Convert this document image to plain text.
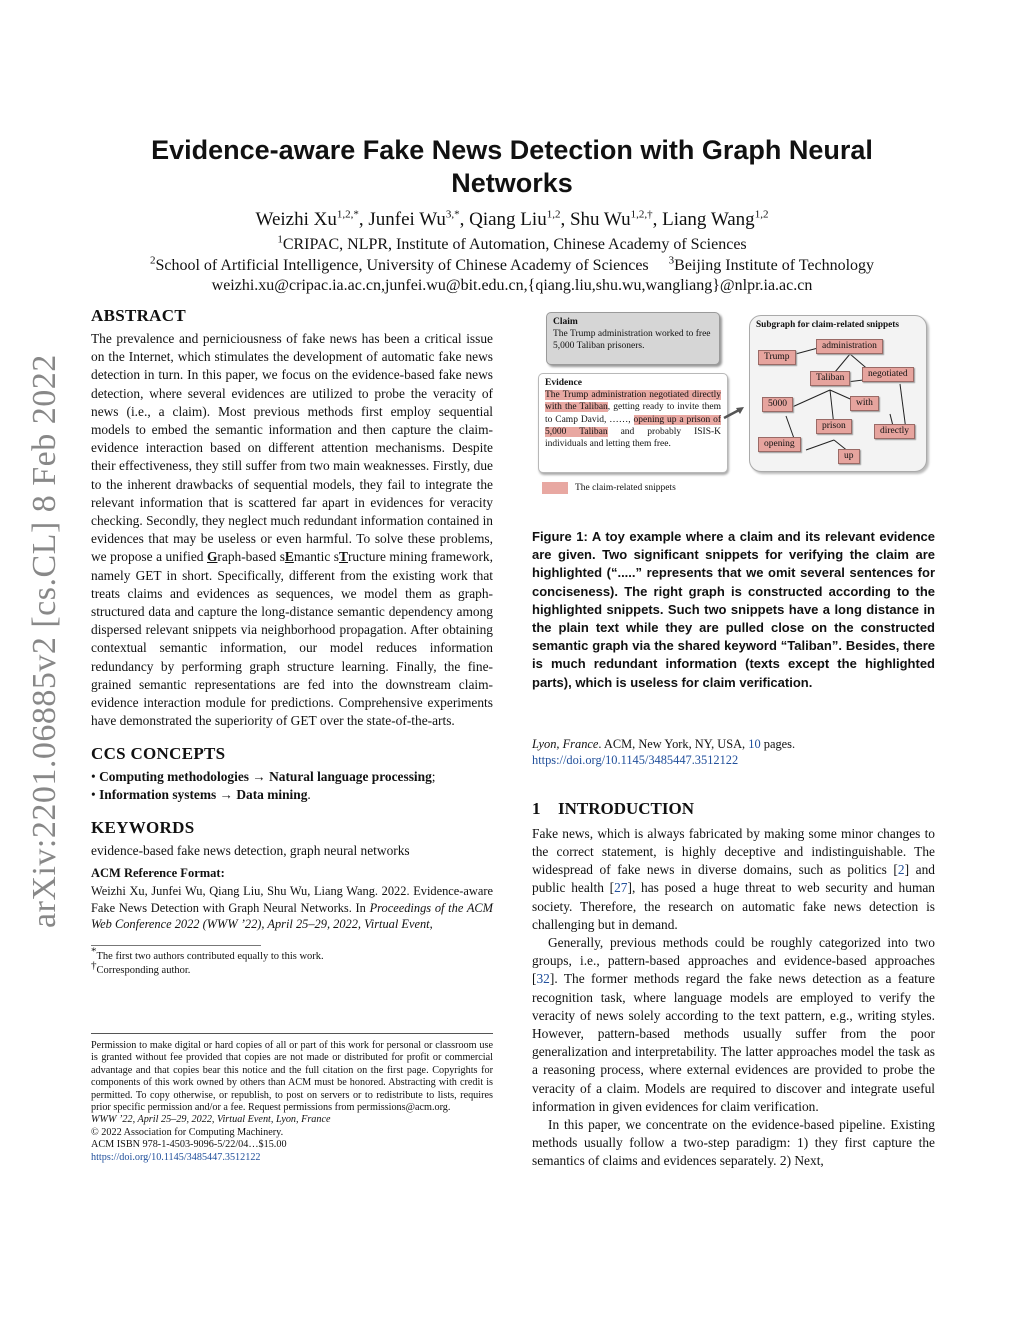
arXiv:2201.06885v2 [cs.CL] 8 Feb 2022
Evidence-aware Fake News Detection with Graph Neural Networks
Weizhi $Xu^{1,2,*}$, Junfei $Wu^{3,*}$, Qiang Liu$^{1,2}$, Shu $Wu^{1,2,\dagger}$, Liang Wang$^{1,2}$
$^1$CRIPAC, NLPR, Institute of Automation, Chinese Academy of Sciences
$^2$School of Artificial Intelligence, University of Chinese Academy of Sciences $^3$Beijing Institute of Technology
weizhi.xu@cripac.ia.ac.cn,junfei.wu@bit.edu.cn,{qiang.liu,shu.wu,wangliang}@nlpr.ia.ac.cn
ABSTRACT

The prevalence and perniciousness of fake news has been a critical issue on the Internet, which stimulates the development of automatic fake news detection in turn. In this paper, we focus on the evidence-based fake news detection, where several evidences are utilized to probe the veracity of news (i.e., a claim). Most previous methods first employ sequential models to embed the semantic information and then capture the claim-evidence interaction based on different attention mechanisms. Despite their effectiveness, they still suffer from two main weaknesses. Firstly, due to the inherent drawbacks of sequential models, they fail to integrate the relevant information that is scattered far apart in evidences for veracity checking. Secondly, they neglect much redundant information contained in evidences that may be useless or even harmful. To solve these problems, we propose a unified Graph-based sEmantic sTructure mining framework, namely GET in short. Specifically, different from the existing work that treats claims and evidences as sequences, we model them as graph-structured data and capture the long-distance semantic dependency among dispersed relevant snippets via neighborhood propagation. After obtaining contextual semantic information, our model reduces information redundancy by performing graph structure learning. Finally, the fine-grained semantic representations are fed into the downstream claim-evidence interaction module for predictions. Comprehensive experiments have demonstrated the superiority of GET over the state-of-the-arts.

CCS CONCEPTS

• Computing methodologies → Natural language processing;

• Information systems → Data mining.

KEYWORDS

evidence-based fake news detection, graph neural networks

ACM Reference Format:

Weizhi Xu, Junfei Wu, Qiang Liu, Shu Wu, Liang Wang. 2022. Evidence-aware Fake News Detection with Graph Neural Networks. In Proceedings of the ACM Web Conference 2022 (WWW ’22), April 25–29, 2022, Virtual Event,

*The first two authors contributed equally to this work.

†Corresponding author.

Permission to make digital or hard copies of all or part of this work for personal or classroom use is granted without fee provided that copies are not made or distributed for profit or commercial advantage and that copies bear this notice and the full citation on the first page. Copyrights for components of this work owned by others than ACM must be honored. Abstracting with credit is permitted. To copy otherwise, or republish, to post on servers or to redistribute to lists, requires prior specific permission and/or a fee. Request permissions from permissions@acm.org.

WWW ’22, April 25–29, 2022, Virtual Event, Lyon, France

© 2022 Association for Computing Machinery.

ACM ISBN 978-1-4503-9096-5/22/04…$15.00

https://doi.org/10.1145/3485447.3512122

Claim
The Trump administration worked to free 5,000 Taliban prisoners.
Evidence
The Trump administration negotiated directly with the Taliban, getting ready to invite them to Camp David, ……, opening up a prison of 5,000 Taliban and probably ISIS-K individuals and letting them free.
Subgraph for claim-related snippets
Trump
administration
Taliban	negotiated
5000	with
prison	directly
opening
up
The claim-related snippets

Figure 1: A toy example where a claim and its relevant evidence are given. Two significant snippets for verifying the claim are highlighted (“.....” represents that we omit several sentences for conciseness). The right graph is constructed according to the highlighted snippets. Such two snippets have a long distance in the plain text while they are pulled close on the constructed semantic graph via the shared keyword “Taliban”. Besides, there is much redundant information (texts except the highlighted parts), which is useless for claim verification.

Lyon, France. ACM, New York, NY, USA, 10 pages. https://doi.org/10.1145/3485447.3512122

1 INTRODUCTION

Fake news, which is always fabricated by making some minor changes to the correct statement, is highly deceptive and indistinguishable. The widespread of fake news in diverse domains, such as politics [2] and public health [27], has posed a huge threat to web security and human society. Therefore, the research on automatic fake news detection is challenging but in demand.

Generally, previous methods could be roughly categorized into two groups, i.e., pattern-based approaches and evidence-based approaches [32]. The former methods regard the fake news detection as a feature recognition task, where language models are employed to verify the veracity of news solely according to the text pattern, e.g., writing styles. However, pattern-based methods usually suffer from the poor generalization and interpretability. The latter approaches model the task as a reasoning process, where external evidences are provided to probe the veracity of a claim. Models are required to discover and integrate useful information in given evidences for claim verification.

In this paper, we concentrate on the evidence-based pipeline. Existing methods usually follow a two-step paradigm: 1) they first capture the semantics of claims and evidences separately. 2) Next,
